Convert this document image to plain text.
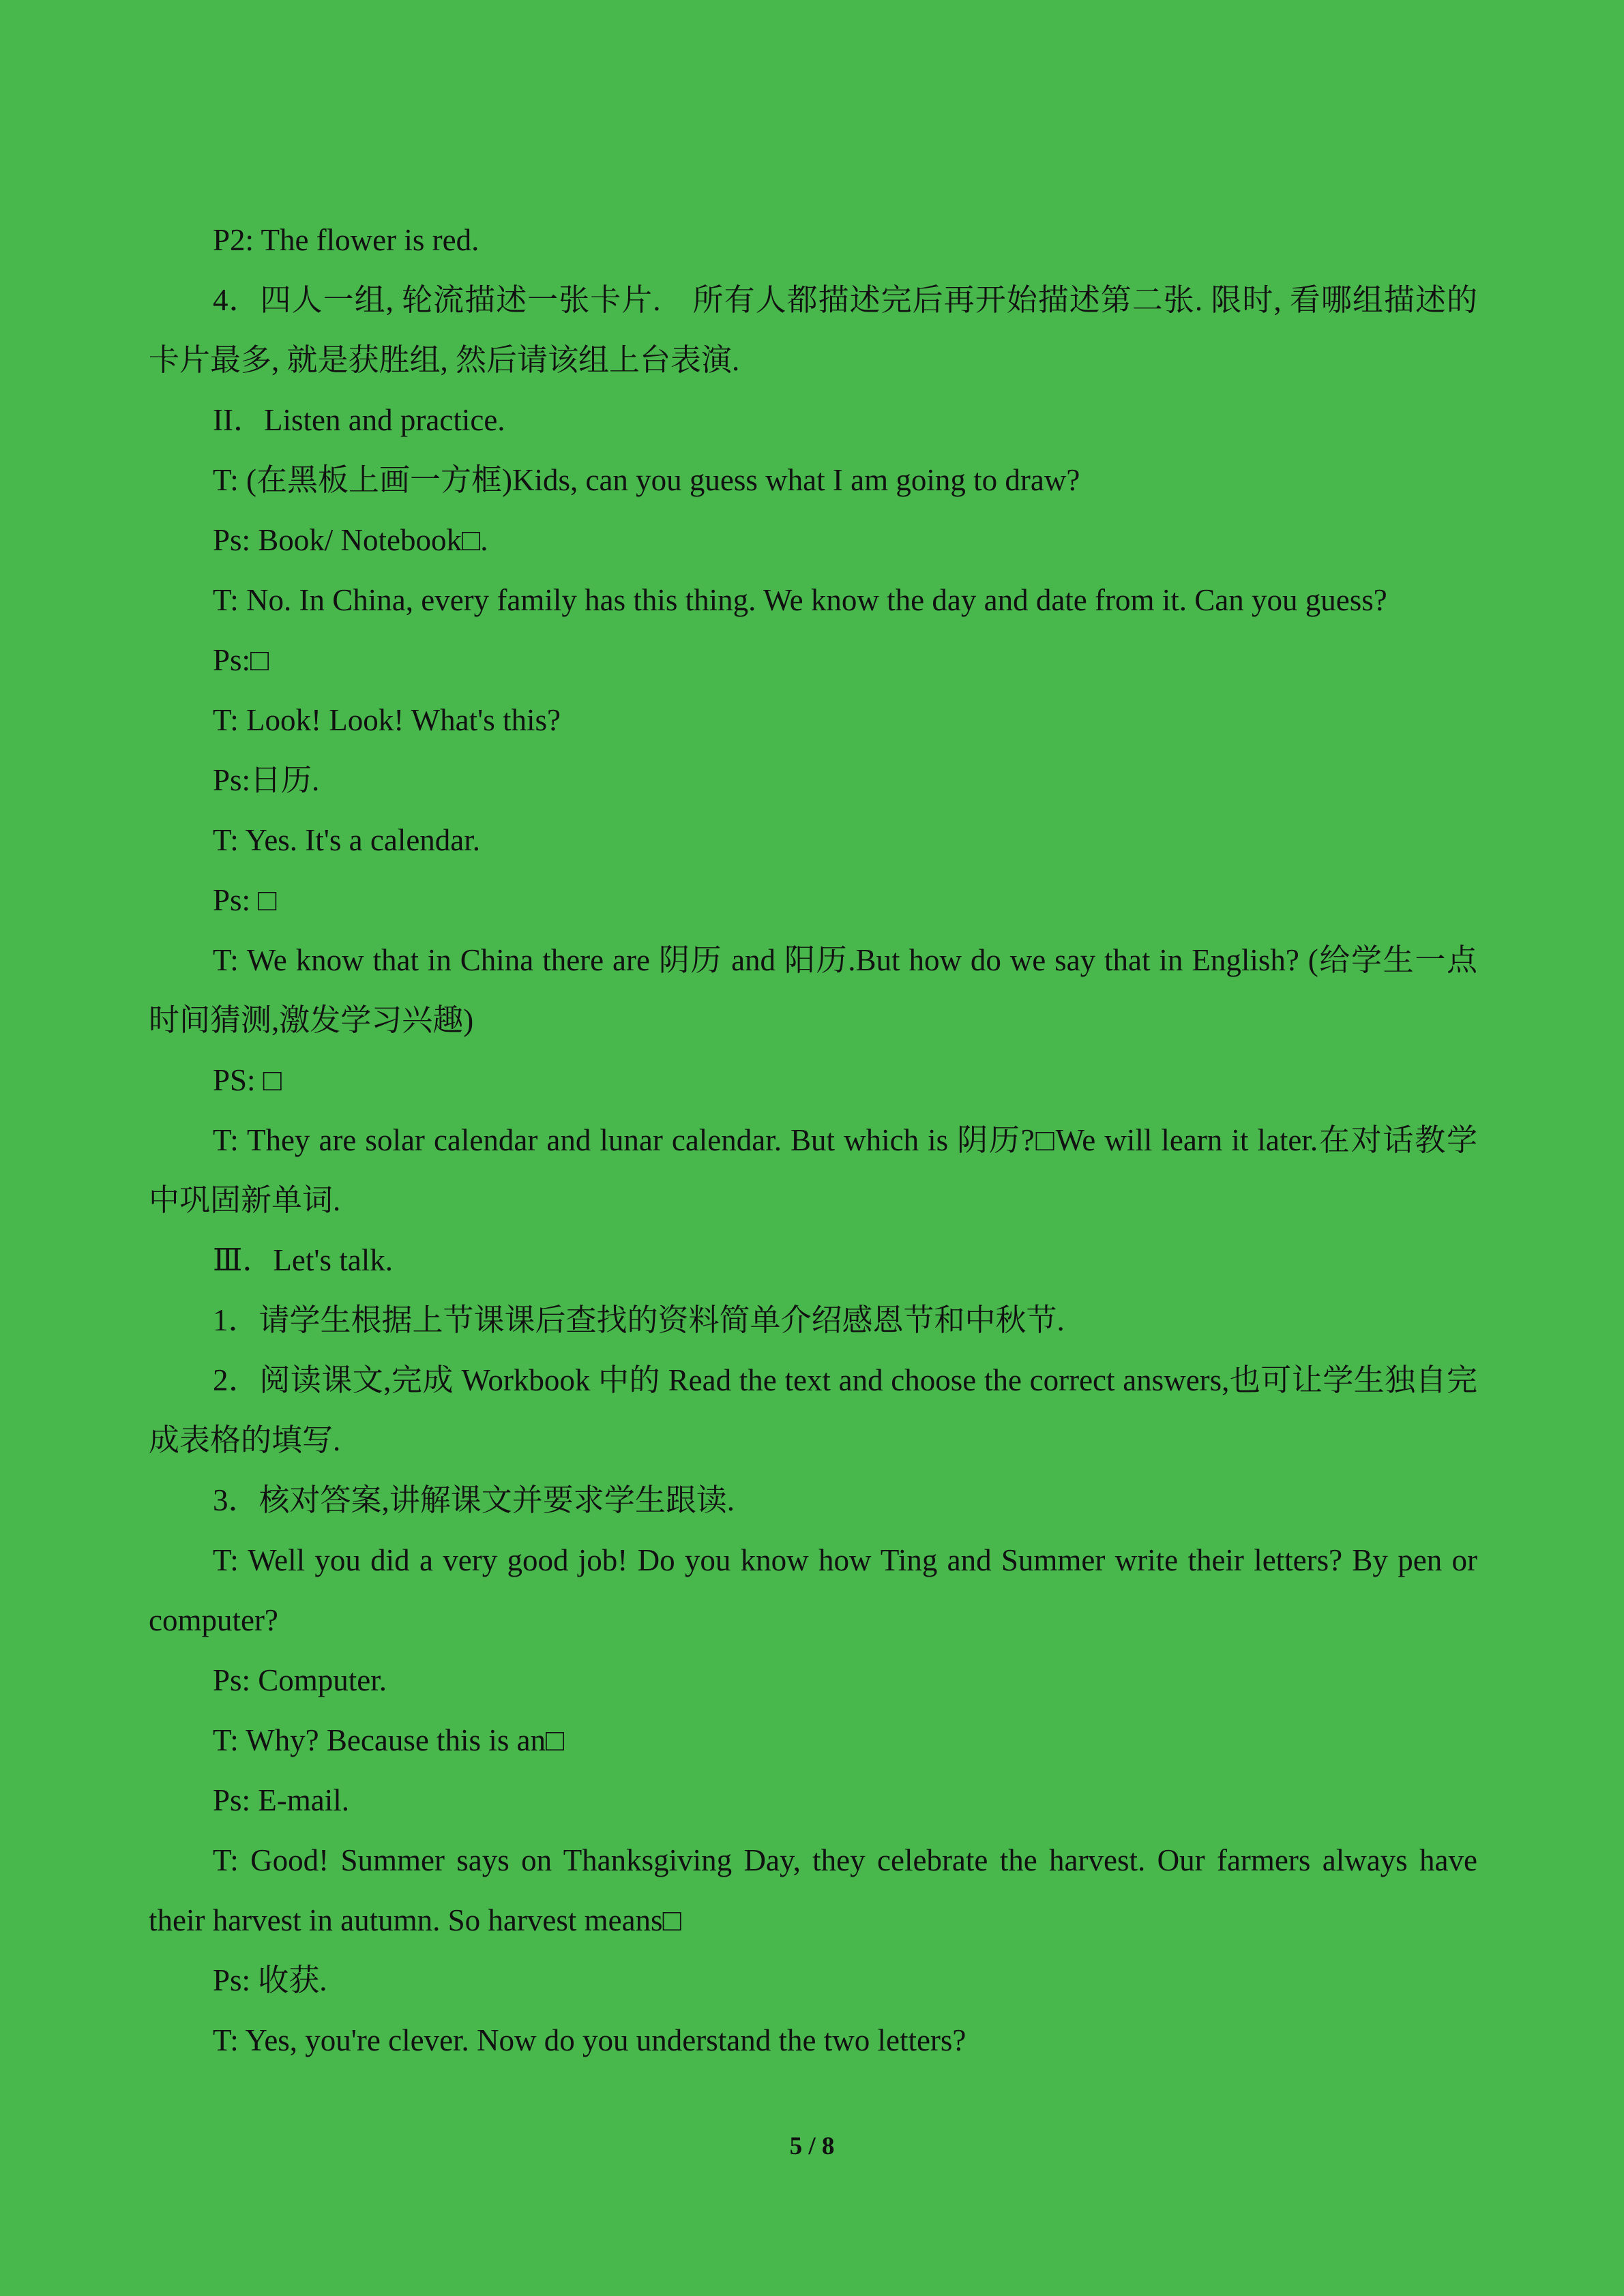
P2: The flower is red.

4．四人一组, 轮流描述一张卡片.　所有人都描述完后再开始描述第二张. 限时, 看哪组描述的卡片最多, 就是获胜组, 然后请该组上台表演.

II．Listen and practice.

T: (在黑板上画一方框)Kids, can you guess what I am going to draw?

Ps: Book/ Notebook□.

T: No. In China, every family has this thing. We know the day and date from it. Can you guess?

Ps:□

T: Look! Look! What's this?

Ps:日历.

T: Yes. It's a calendar.

Ps: □

T: We know that in China there are 阴历 and 阳历.But how do we say that in English? (给学生一点时间猜测,激发学习兴趣)

PS: □

T: They are solar calendar and lunar calendar. But which is 阴历?□We will learn it later.在对话教学中巩固新单词.

Ⅲ．Let's talk.

1．请学生根据上节课课后查找的资料简单介绍感恩节和中秋节.

2．阅读课文,完成 Workbook 中的 Read the text and choose the correct answers,也可让学生独自完成表格的填写.

3．核对答案,讲解课文并要求学生跟读.

T: Well you did a very good job! Do you know how Ting and Summer write their letters? By pen or computer?

Ps: Computer.

T: Why? Because this is an□

Ps: E-mail.

T: Good! Summer says on Thanksgiving Day, they celebrate the harvest. Our farmers always have their harvest in autumn. So harvest means□

Ps: 收获.

T: Yes, you're clever. Now do you understand the two letters?

5 / 8
